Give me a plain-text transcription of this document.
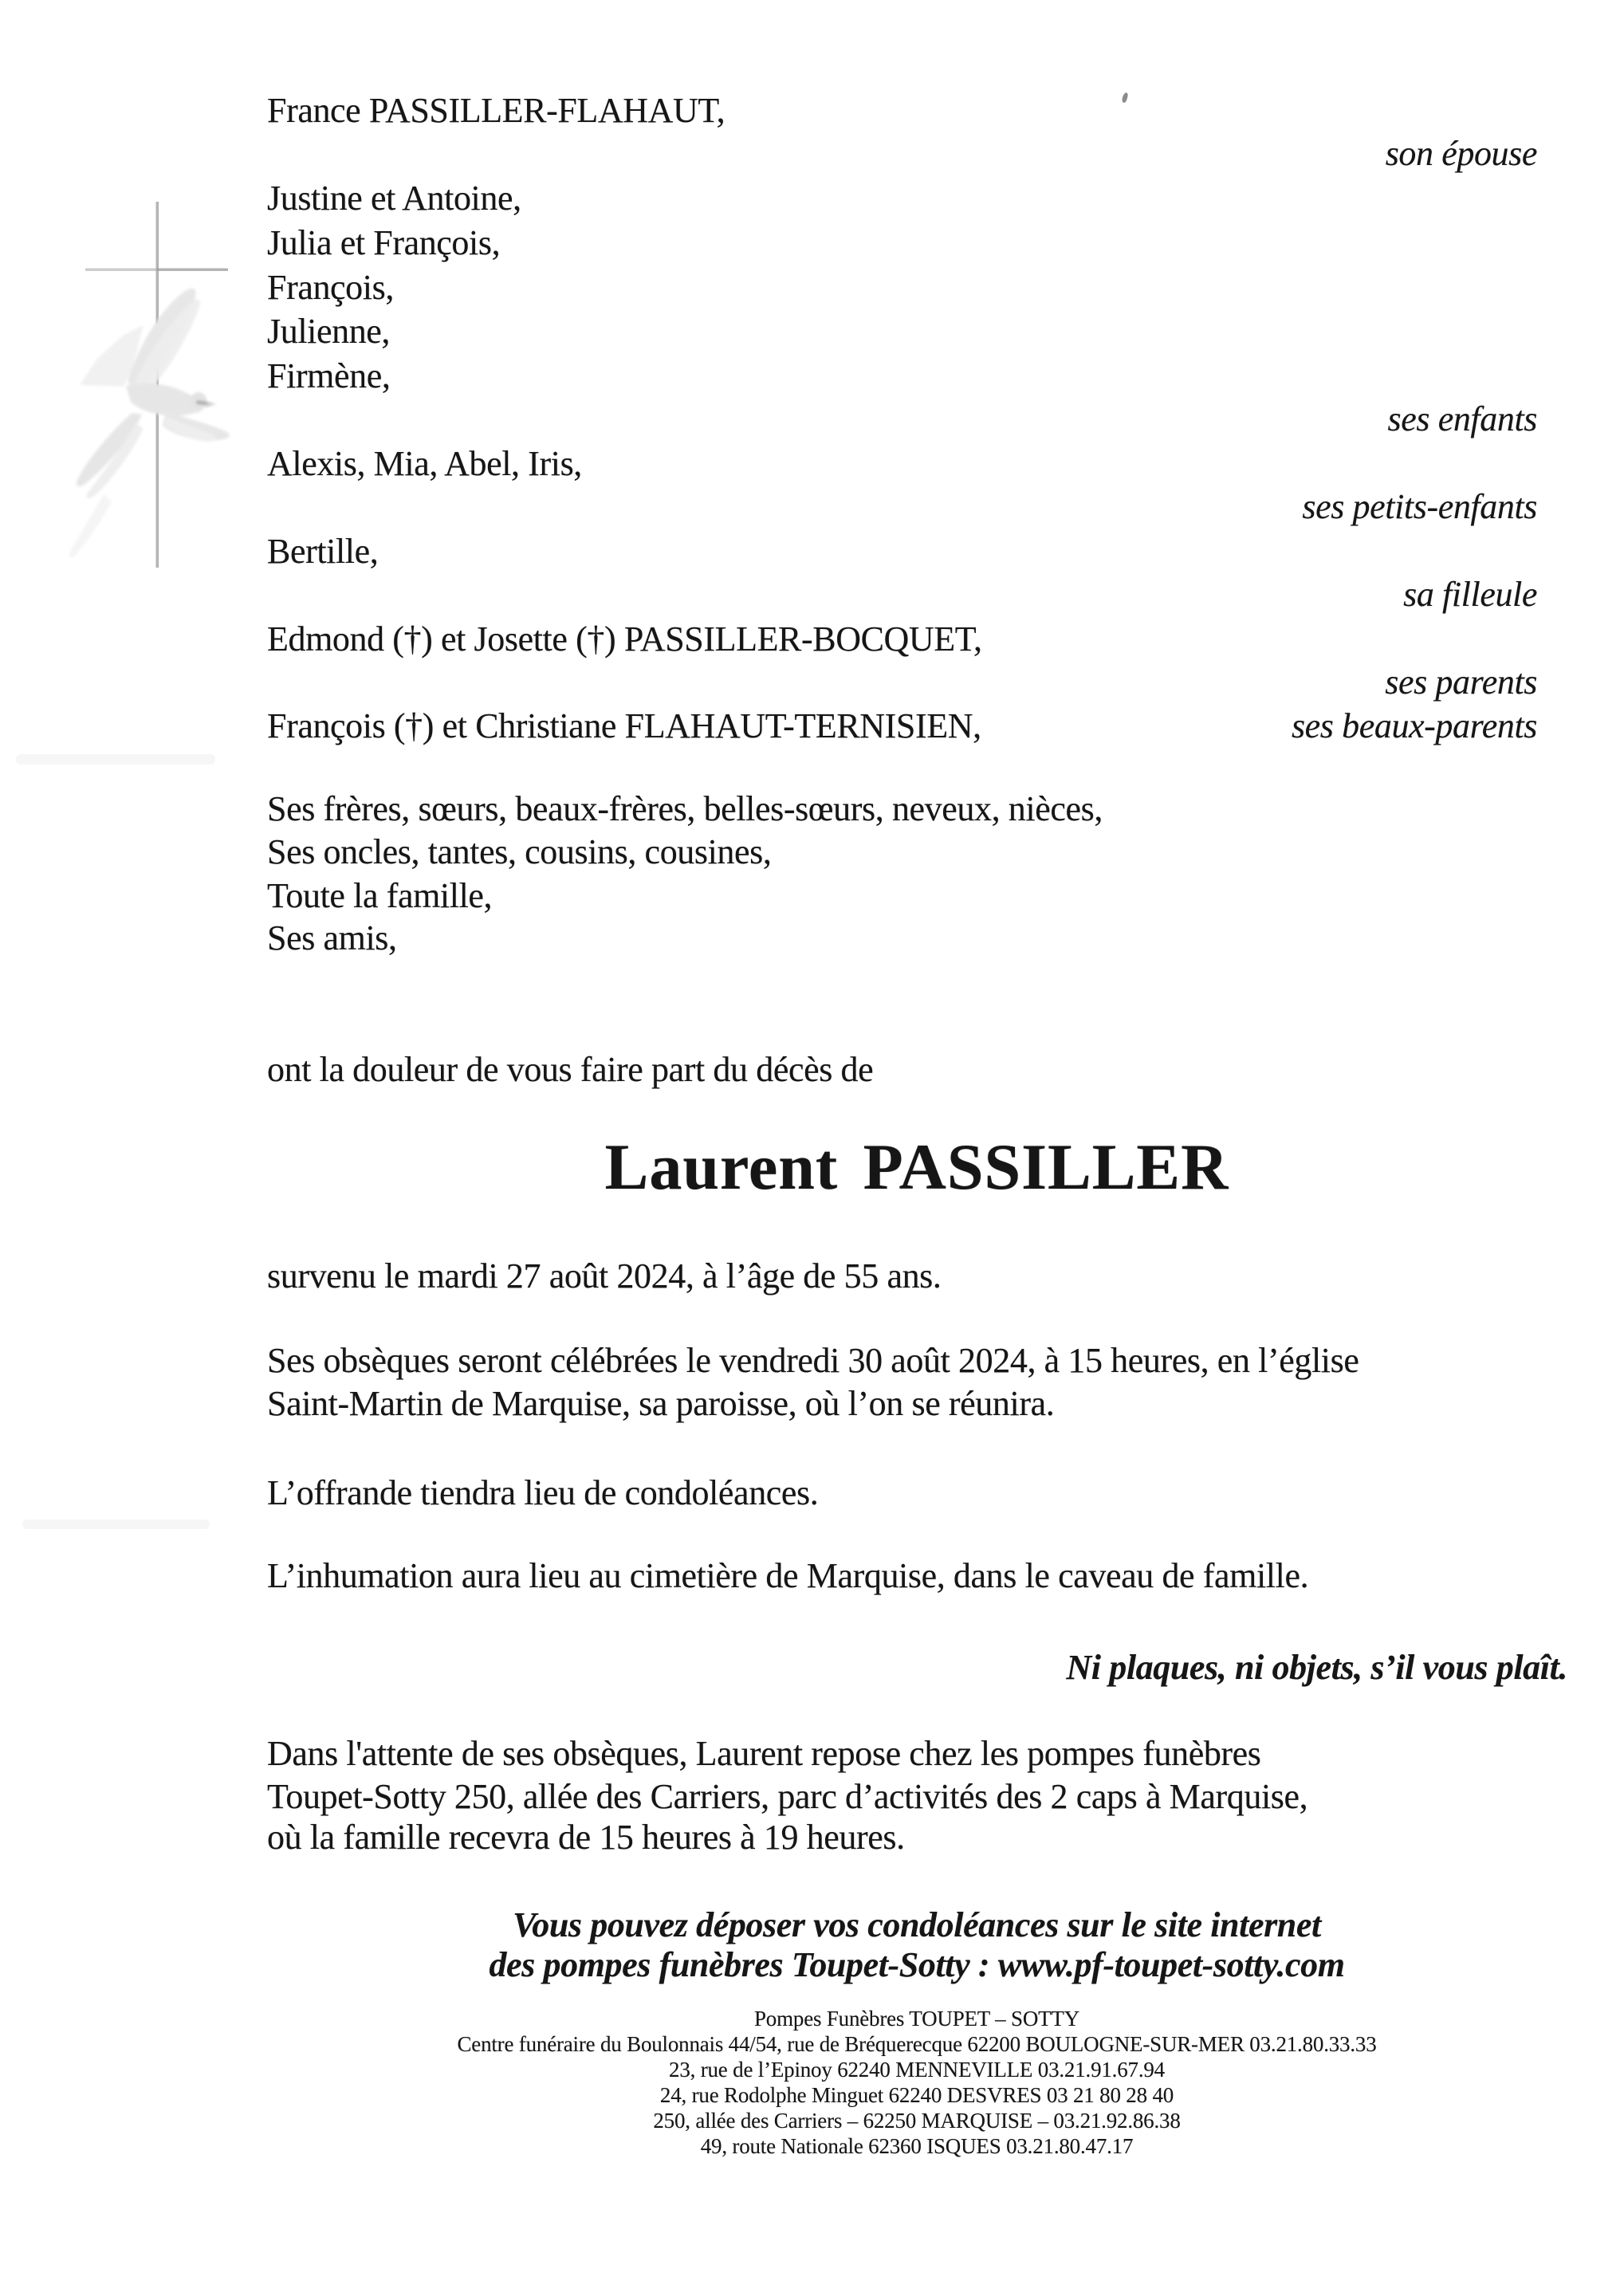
France PASSILLER-FLAHAUT,
son épouse
Justine et Antoine,
Julia et François,
François,
Julienne,
Firmène,
ses enfants
Alexis, Mia, Abel, Iris,
ses petits-enfants
Bertille,
sa filleule
Edmond (†) et Josette (†) PASSILLER-BOCQUET,
ses parents
François (†) et Christiane FLAHAUT-TERNISIEN,	ses beaux-parents
Ses frères, sœurs, beaux-frères, belles-sœurs, neveux, nièces,
Ses oncles, tantes, cousins, cousines,
Toute la famille,
Ses amis,
ont la douleur de vous faire part du décès de
Laurent PASSILLER
survenu le mardi 27 août 2024, à l’âge de 55 ans.
Ses obsèques seront célébrées le vendredi 30 août 2024, à 15 heures, en l’église
Saint-Martin de Marquise, sa paroisse, où l’on se réunira.
L’offrande tiendra lieu de condoléances.
L’inhumation aura lieu au cimetière de Marquise, dans le caveau de famille.
Ni plaques, ni objets, s’il vous plaît.
Dans l'attente de ses obsèques, Laurent repose chez les pompes funèbres
Toupet-Sotty 250, allée des Carriers, parc d’activités des 2 caps à Marquise,
où la famille recevra de 15 heures à 19 heures.
Vous pouvez déposer vos condoléances sur le site internet
des pompes funèbres Toupet-Sotty : www.pf-toupet-sotty.com
Pompes Funèbres TOUPET – SOTTY
Centre funéraire du Boulonnais 44/54, rue de Bréquerecque 62200 BOULOGNE-SUR-MER 03.21.80.33.33
23, rue de l’Epinoy 62240 MENNEVILLE 03.21.91.67.94
24, rue Rodolphe Minguet 62240 DESVRES 03 21 80 28 40
250, allée des Carriers – 62250 MARQUISE – 03.21.92.86.38
49, route Nationale 62360 ISQUES 03.21.80.47.17
